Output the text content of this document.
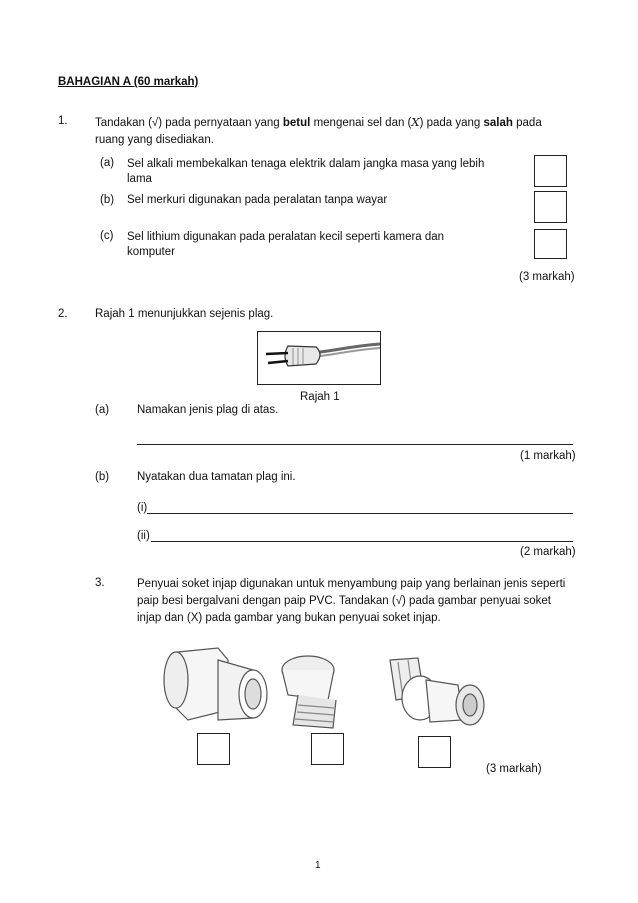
BAHAGIAN A (60 markah)
1. Tandakan (√) pada pernyataan yang betul mengenai sel dan (X) pada yang salah pada
ruang yang disediakan.
(a) Sel alkali membekalkan tenaga elektrik dalam jangka masa yang lebih
lama
(b) Sel merkuri digunakan pada peralatan tanpa wayar
(c) Sel lithium digunakan pada peralatan kecil seperti kamera dan
komputer
(3 markah)
2. Rajah 1 menunjukkan sejenis plag.
Rajah 1
(a) Namakan jenis plag di atas.
(1 markah)
(b) Nyatakan dua tamatan plag ini.
(i)
(ii)
(2 markah)
3.	Penyuai soket injap digunakan untuk menyambung paip yang berlainan jenis seperti
paip besi bergalvani dengan paip PVC. Tandakan (√) pada gambar penyuai soket
injap dan (X) pada gambar yang bukan penyuai soket injap.
(3 markah)
1
